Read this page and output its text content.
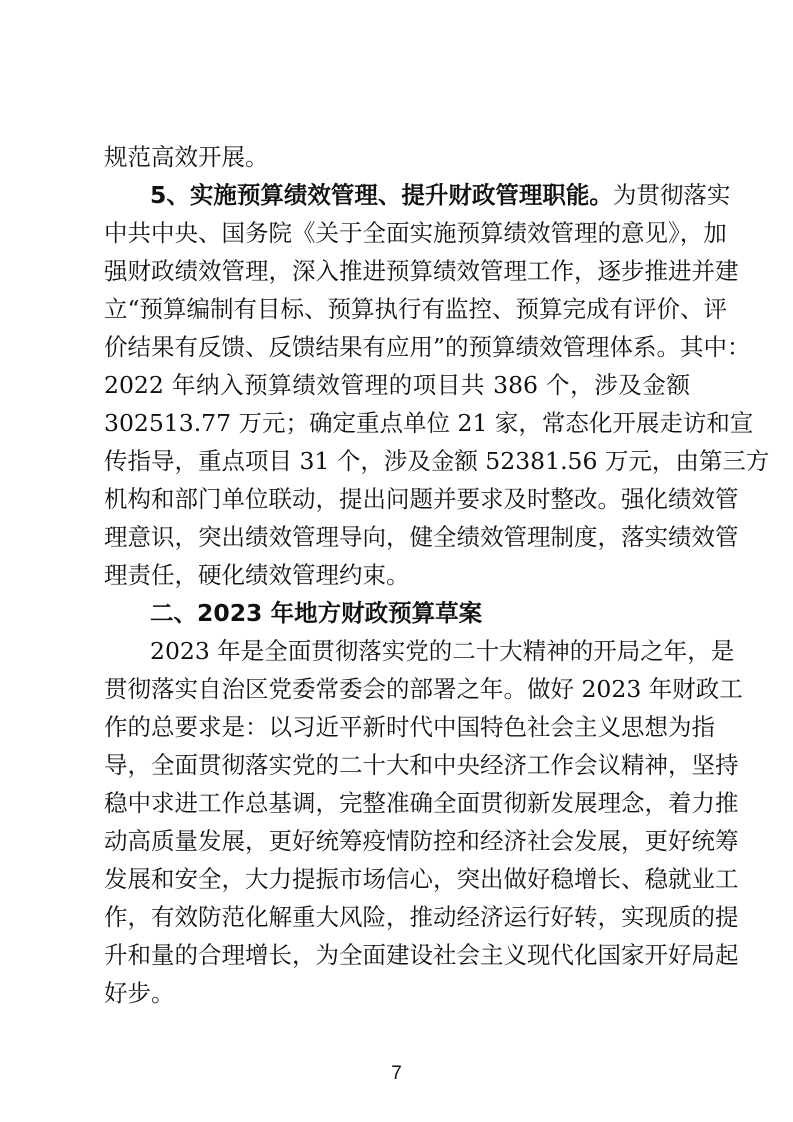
规范高效开展。
5、实施预算绩效管理、提升财政管理职能。为贯彻落实
中共中央、国务院《关于全面实施预算绩效管理的意见》，加
强财政绩效管理，深入推进预算绩效管理工作，逐步推进并建
立“预算编制有目标、预算执行有监控、预算完成有评价、评
价结果有反馈、反馈结果有应用”的预算绩效管理体系。其中：
2022 年纳入预算绩效管理的项目共 386 个，涉及金额
302513.77 万元；确定重点单位 21 家，常态化开展走访和宣
传指导，重点项目 31 个，涉及金额 52381.56 万元，由第三方
机构和部门单位联动，提出问题并要求及时整改。强化绩效管
理意识，突出绩效管理导向，健全绩效管理制度，落实绩效管
理责任，硬化绩效管理约束。
二、2023 年地方财政预算草案
2023 年是全面贯彻落实党的二十大精神的开局之年，是
贯彻落实自治区党委常委会的部署之年。做好 2023 年财政工
作的总要求是：以习近平新时代中国特色社会主义思想为指
导，全面贯彻落实党的二十大和中央经济工作会议精神，坚持
稳中求进工作总基调，完整准确全面贯彻新发展理念，着力推
动高质量发展，更好统筹疫情防控和经济社会发展，更好统筹
发展和安全，大力提振市场信心，突出做好稳增长、稳就业工
作，有效防范化解重大风险，推动经济运行好转，实现质的提
升和量的合理增长，为全面建设社会主义现代化国家开好局起
好步。
7
